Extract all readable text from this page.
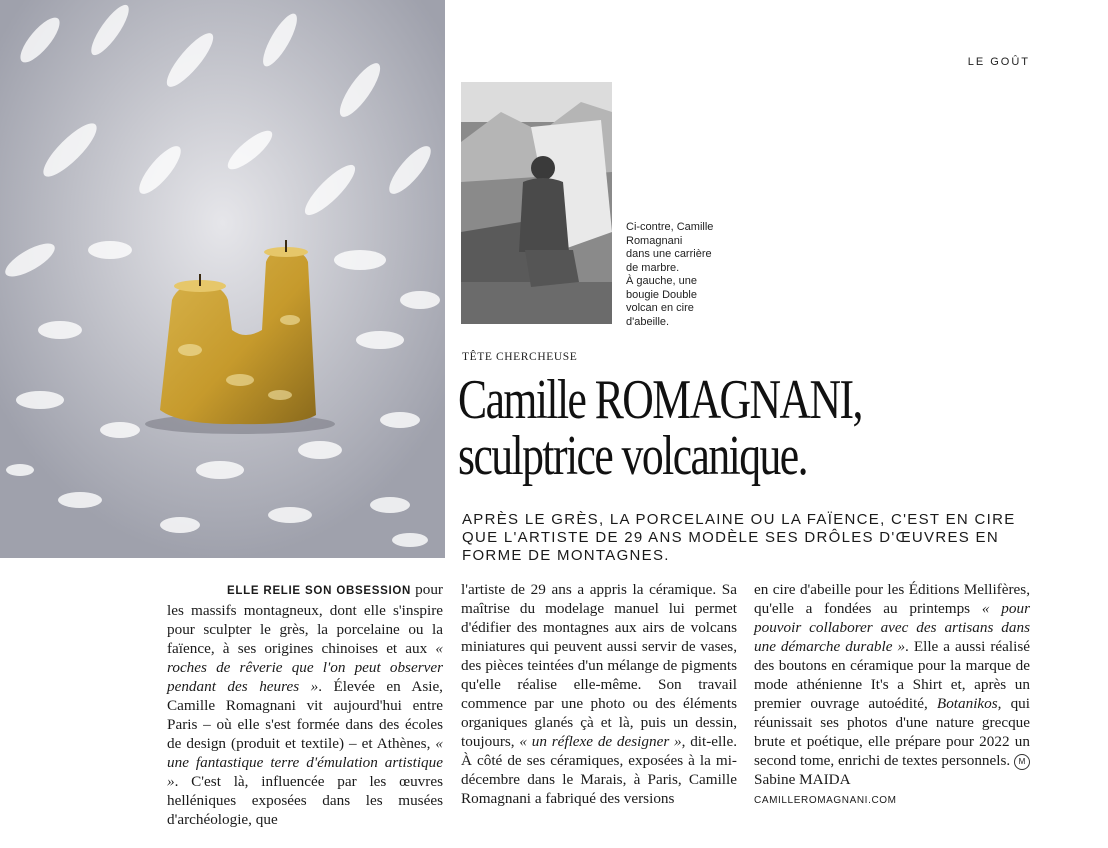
LE GOÛT
Ci-contre, Camille
Romagnani
dans une carrière
de marbre.
À gauche, une
bougie Double
volcan en cire
d'abeille.
TÊTE CHERCHEUSE
Camille ROMAGNANI,
sculptrice volcanique.
APRÈS LE GRÈS, LA PORCELAINE OU LA FAÏENCE, C'EST EN CIRE QUE L'ARTISTE DE 29 ANS MODÈLE SES DRÔLES D'ŒUVRES EN FORME DE MONTAGNES.
ELLE RELIE SON OBSESSION pour les massifs montagneux, dont elle s'inspire pour sculpter le grès, la porcelaine ou la faïence, à ses origines chinoises et aux « roches de rêverie que l'on peut observer pendant des heures ». Élevée en Asie, Camille Romagnani vit aujourd'hui entre Paris – où elle s'est formée dans des écoles de design (produit et textile) – et Athènes, « une fantastique terre d'émulation artistique ». C'est là, influencée par les œuvres helléniques exposées dans les musées d'archéologie, que
l'artiste de 29 ans a appris la céramique. Sa maîtrise du modelage manuel lui permet d'édifier des montagnes aux airs de volcans miniatures qui peuvent aussi servir de vases, des pièces teintées d'un mélange de pigments qu'elle réalise elle-même. Son travail commence par une photo ou des éléments organiques glanés çà et là, puis un dessin, toujours, « un réflexe de designer », dit-elle. À côté de ses céramiques, exposées à la mi-décembre dans le Marais, à Paris, Camille Romagnani a fabriqué des versions
en cire d'abeille pour les Éditions Mellifères, qu'elle a fondées au printemps « pour pouvoir collaborer avec des artisans dans une démarche durable ». Elle a aussi réalisé des boutons en céramique pour la marque de mode athénienne It's a Shirt et, après un premier ouvrage autoédité, Botanikos, qui réunissait ses photos d'une nature grecque brute et poétique, elle prépare pour 2022 un second tome, enrichi de textes personnels. M Sabine MAIDA
CAMILLEROMAGNANI.COM
